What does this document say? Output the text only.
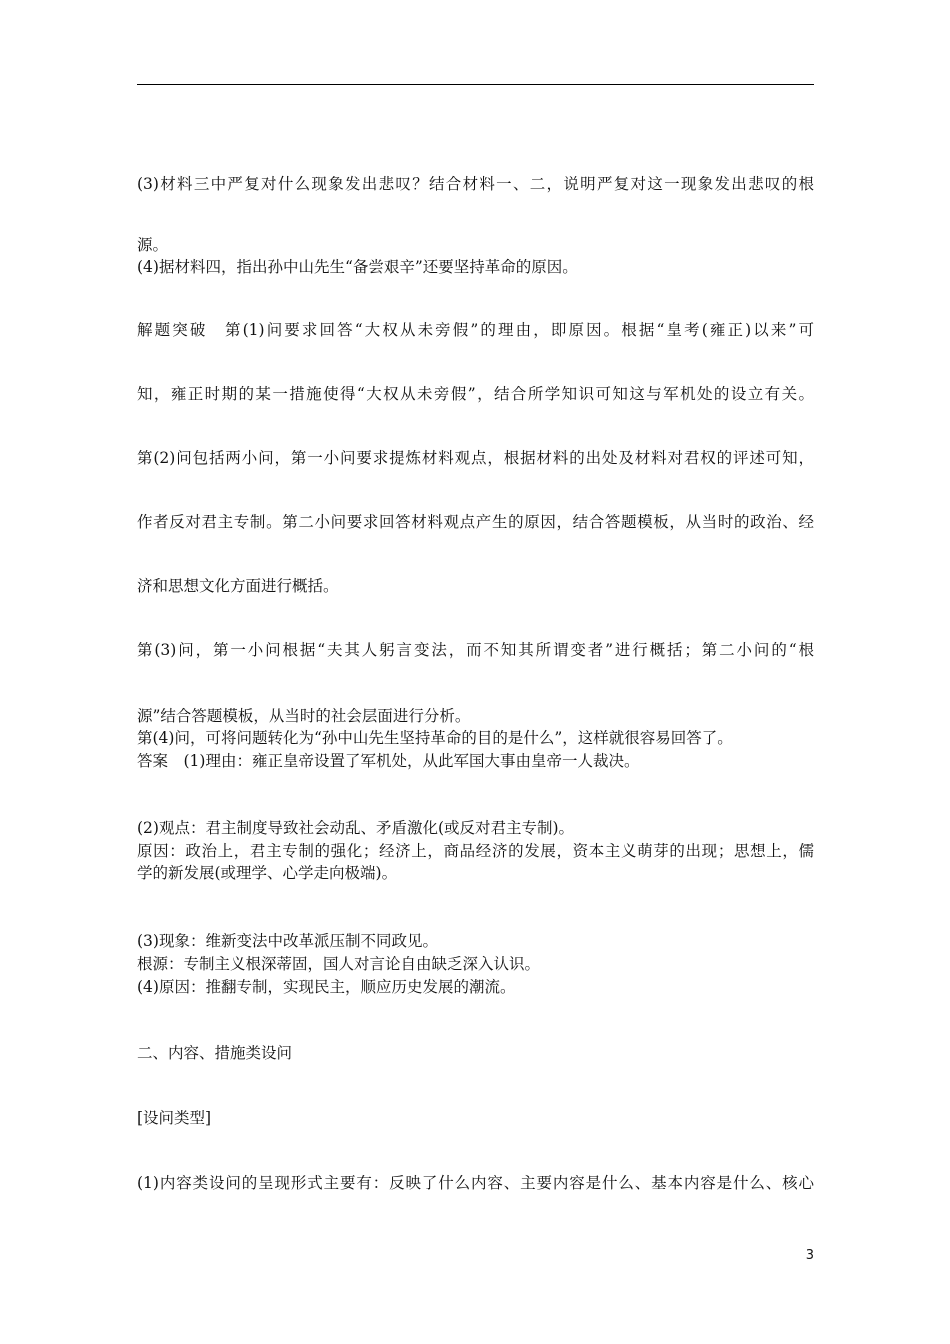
(3)材料三中严复对什么现象发出悲叹？结合材料一、二，说明严复对这一现象发出悲叹的根
源。
(4)据材料四，指出孙中山先生“备尝艰辛”还要坚持革命的原因。
解题突破　第(1)问要求回答“大权从未旁假”的理由，即原因。根据“皇考(雍正)以来”可
知，雍正时期的某一措施使得“大权从未旁假”，结合所学知识可知这与军机处的设立有关。
第(2)问包括两小问，第一小问要求提炼材料观点，根据材料的出处及材料对君权的评述可知，
作者反对君主专制。第二小问要求回答材料观点产生的原因，结合答题模板，从当时的政治、经
济和思想文化方面进行概括。
第(3)问，第一小问根据“夫其人躬言变法，而不知其所谓变者”进行概括；第二小问的“根
源”结合答题模板，从当时的社会层面进行分析。
第(4)问，可将问题转化为“孙中山先生坚持革命的目的是什么”，这样就很容易回答了。
答案　(1)理由：雍正皇帝设置了军机处，从此军国大事由皇帝一人裁决。
(2)观点：君主制度导致社会动乱、矛盾激化(或反对君主专制)。
原因：政治上，君主专制的强化；经济上，商品经济的发展，资本主义萌芽的出现；思想上，儒
学的新发展(或理学、心学走向极端)。
(3)现象：维新变法中改革派压制不同政见。
根源：专制主义根深蒂固，国人对言论自由缺乏深入认识。
(4)原因：推翻专制，实现民主，顺应历史发展的潮流。
二、内容、措施类设问
[设问类型]
(1)内容类设问的呈现形式主要有：反映了什么内容、主要内容是什么、基本内容是什么、核心
3
